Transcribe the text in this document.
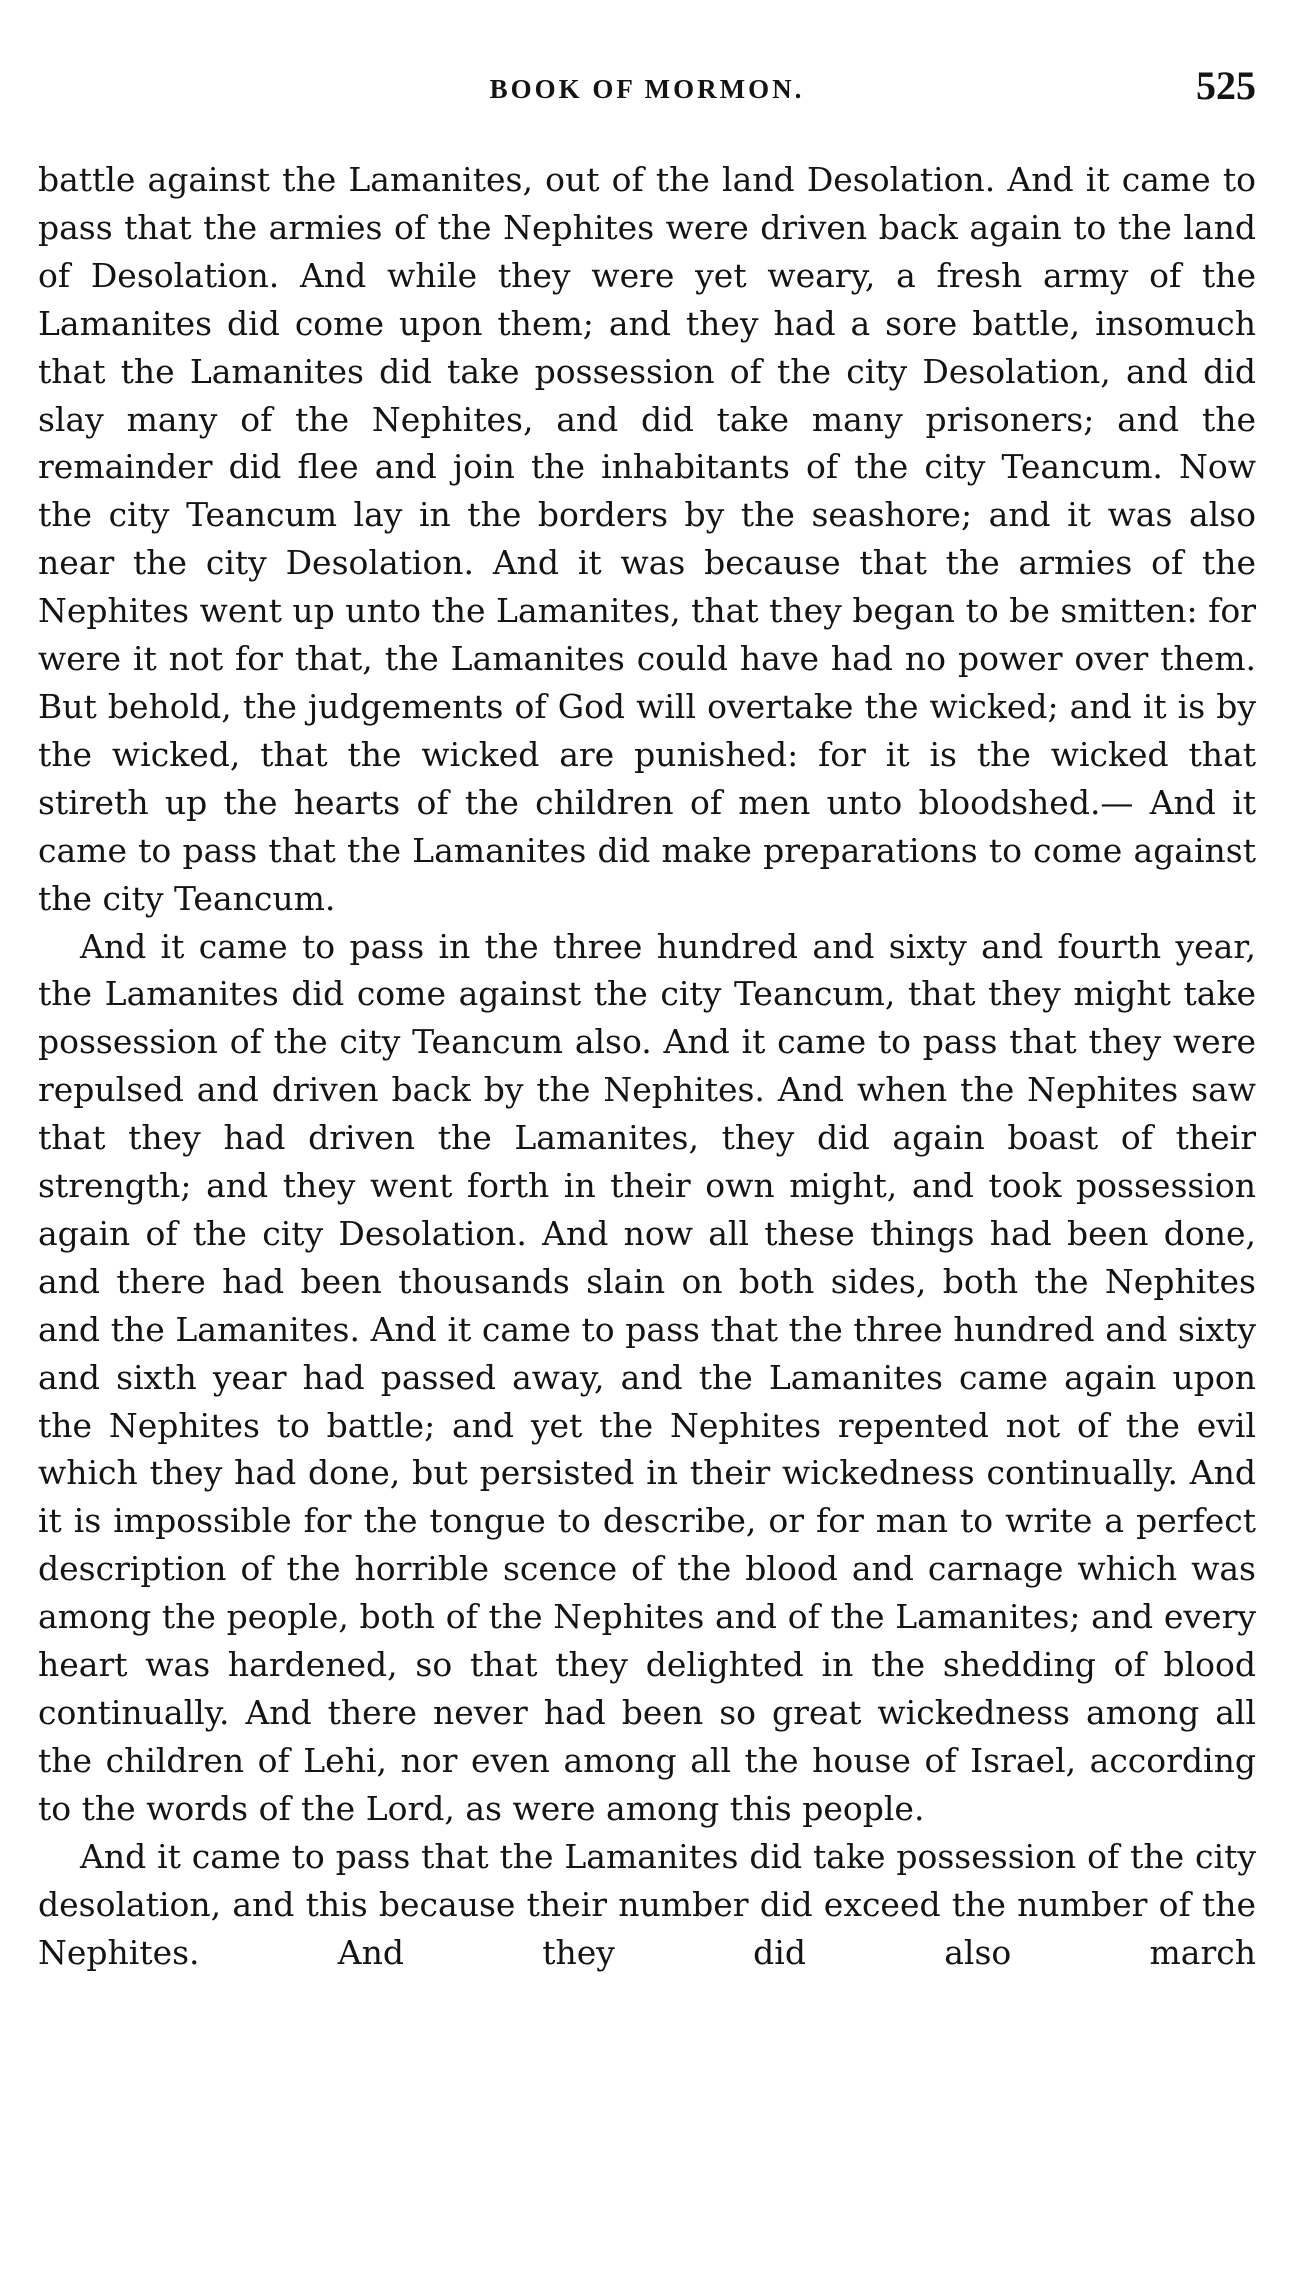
BOOK OF MORMON.	525

battle against the Lamanites, out of the land Desolation. And it came to pass that the armies of the Nephites were driven back again to the land of Desolation. And while they were yet weary, a fresh army of the Lamanites did come upon them; and they had a sore battle, insomuch that the Lamanites did take possession of the city Desolation, and did slay many of the Nephites, and did take many prisoners; and the remainder did flee and join the inhabitants of the city Teancum. Now the city Teancum lay in the borders by the seashore; and it was also near the city Desolation. And it was because that the armies of the Nephites went up unto the Lamanites, that they began to be smitten: for were it not for that, the Lamanites could have had no power over them. But behold, the judgements of God will overtake the wicked; and it is by the wicked, that the wicked are punished: for it is the wicked that stireth up the hearts of the children of men unto bloodshed.— And it came to pass that the Lamanites did make preparations to come against the city Teancum.

And it came to pass in the three hundred and sixty and fourth year, the Lamanites did come against the city Teancum, that they might take possession of the city Teancum also. And it came to pass that they were repulsed and driven back by the Nephites. And when the Nephites saw that they had driven the Lamanites, they did again boast of their strength; and they went forth in their own might, and took possession again of the city Desolation. And now all these things had been done, and there had been thousands slain on both sides, both the Nephites and the Lamanites. And it came to pass that the three hundred and sixty and sixth year had passed away, and the Lamanites came again upon the Nephites to battle; and yet the Nephites repented not of the evil which they had done, but persisted in their wickedness continually. And it is impossible for the tongue to describe, or for man to write a perfect description of the horrible scence of the blood and carnage which was among the people, both of the Nephites and of the Lamanites; and every heart was hardened, so that they delighted in the shedding of blood continually. And there never had been so great wickedness among all the children of Lehi, nor even among all the house of Israel, according to the words of the Lord, as were among this people.

And it came to pass that the Lamanites did take possession of the city desolation, and this because their number did exceed the number of the Nephites. And they did also march
